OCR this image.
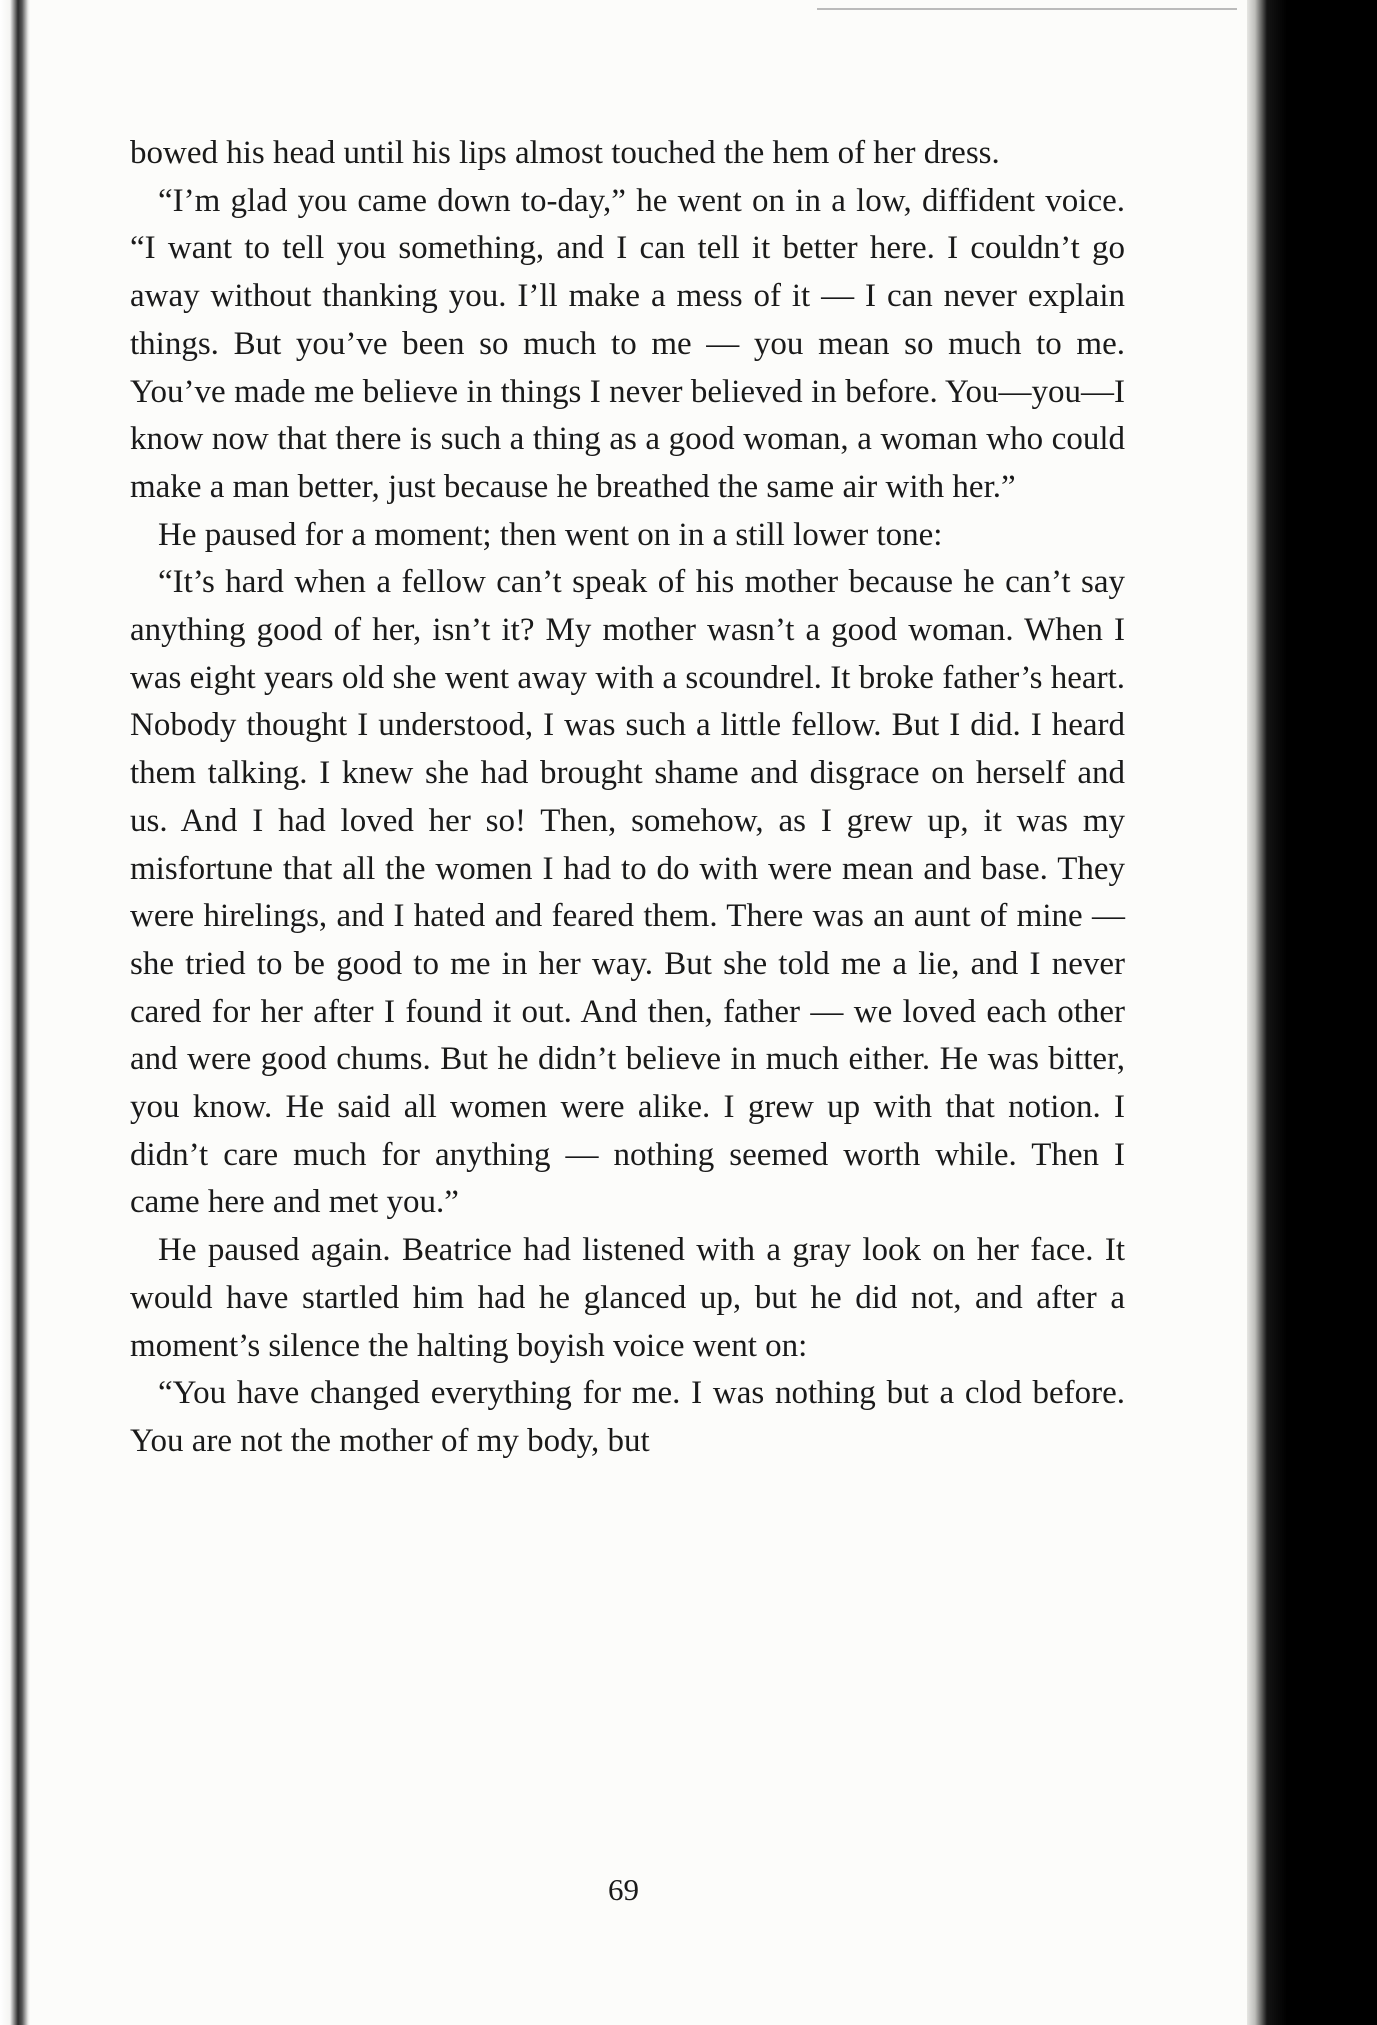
bowed his head until his lips almost touched the hem of her dress.

“I’m glad you came down to-day,” he went on in a low, diffident voice. “I want to tell you something, and I can tell it better here. I couldn’t go away without thanking you. I’ll make a mess of it — I can never explain things. But you’ve been so much to me — you mean so much to me. You’ve made me believe in things I never believed in before. You—you—I know now that there is such a thing as a good woman, a woman who could make a man better, just because he breathed the same air with her.”

He paused for a moment; then went on in a still lower tone:

“It’s hard when a fellow can’t speak of his mother because he can’t say anything good of her, isn’t it? My mother wasn’t a good woman. When I was eight years old she went away with a scoundrel. It broke father’s heart. Nobody thought I understood, I was such a little fellow. But I did. I heard them talking. I knew she had brought shame and disgrace on herself and us. And I had loved her so! Then, somehow, as I grew up, it was my misfortune that all the women I had to do with were mean and base. They were hirelings, and I hated and feared them. There was an aunt of mine — she tried to be good to me in her way. But she told me a lie, and I never cared for her after I found it out. And then, father — we loved each other and were good chums. But he didn’t believe in much either. He was bitter, you know. He said all women were alike. I grew up with that notion. I didn’t care much for anything — nothing seemed worth while. Then I came here and met you.”

He paused again. Beatrice had listened with a gray look on her face. It would have startled him had he glanced up, but he did not, and after a moment’s silence the halting boyish voice went on:

“You have changed everything for me. I was nothing but a clod before. You are not the mother of my body, but

69
